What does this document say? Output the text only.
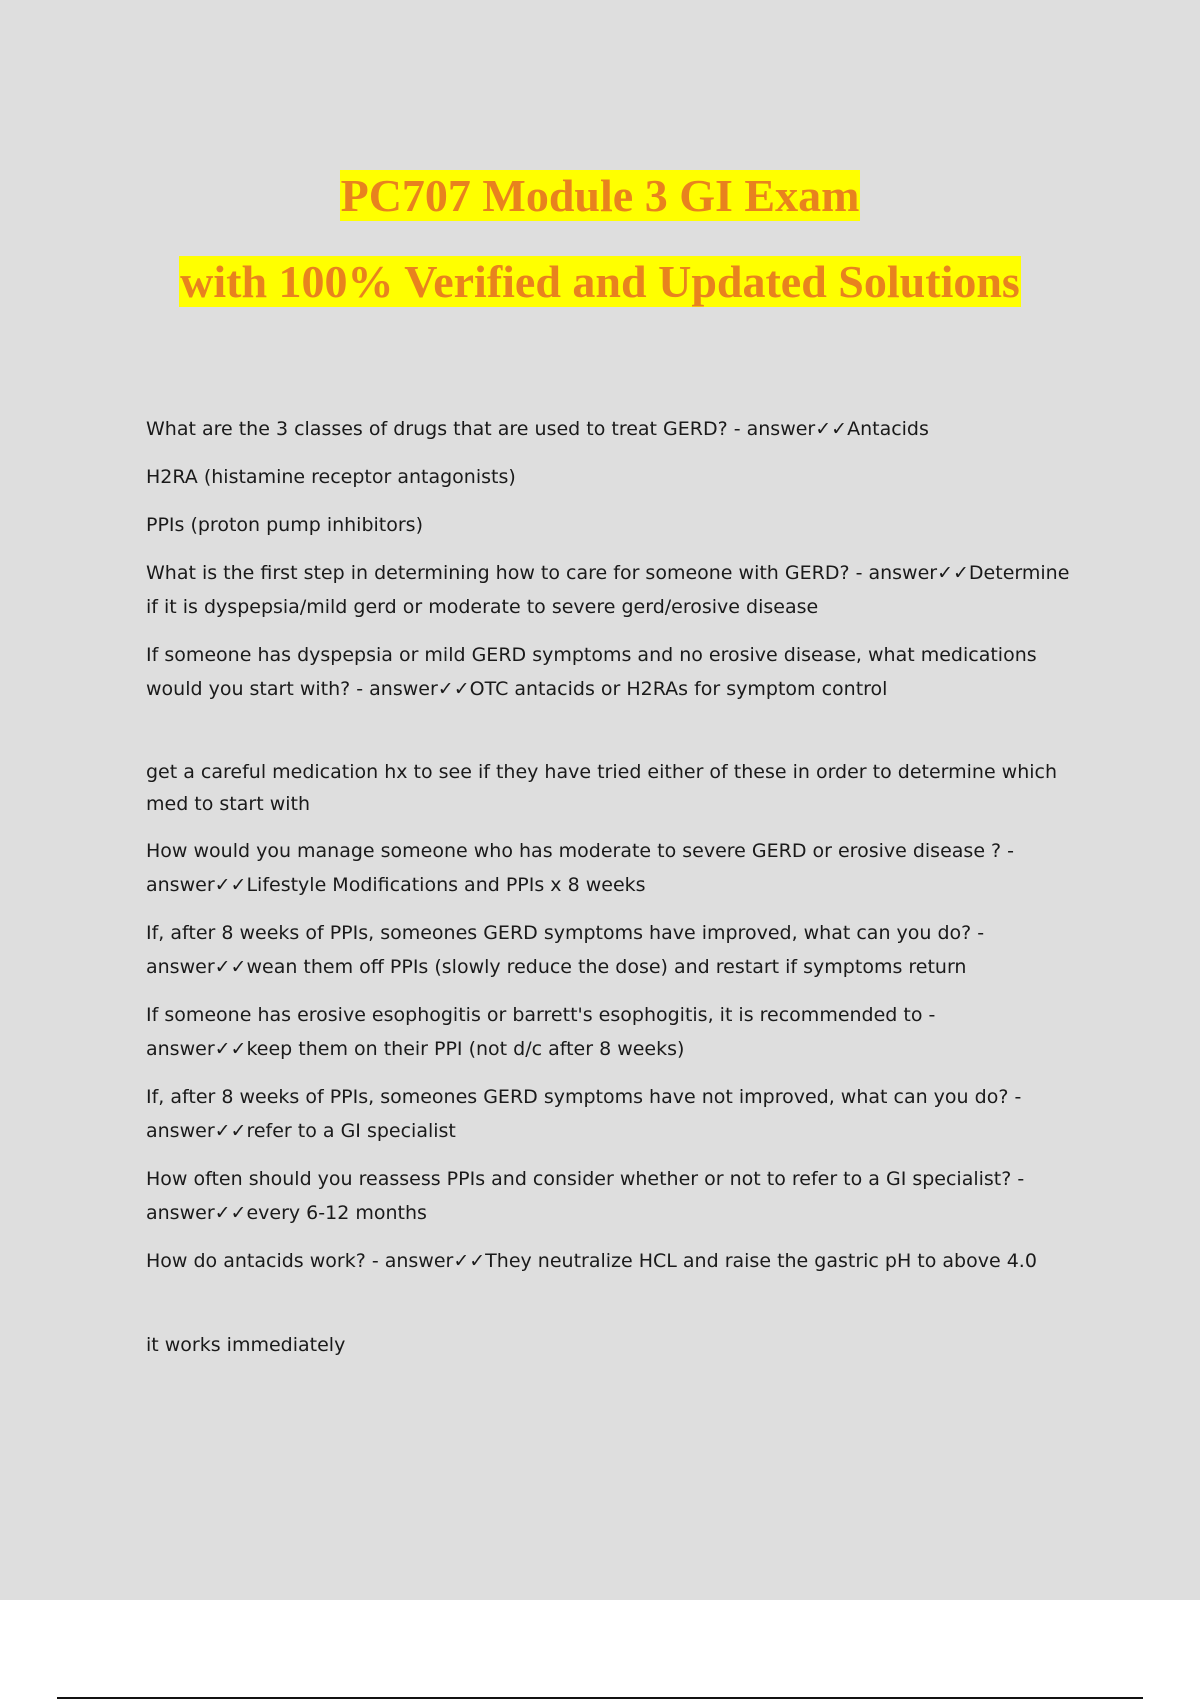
PC707 Module 3 GI Exam
with 100% Verified and Updated Solutions

What are the 3 classes of drugs that are used to treat GERD? - answer✓✓Antacids

H2RA (histamine receptor antagonists)

PPIs (proton pump inhibitors)

What is the first step in determining how to care for someone with GERD? - answer✓✓Determine if it is dyspepsia/mild gerd or moderate to severe gerd/erosive disease

If someone has dyspepsia or mild GERD symptoms and no erosive disease, what medications would you start with? - answer✓✓OTC antacids or H2RAs for symptom control

get a careful medication hx to see if they have tried either of these in order to determine which med to start with

How would you manage someone who has moderate to severe GERD or erosive disease ? - answer✓✓Lifestyle Modifications and PPIs x 8 weeks

If, after 8 weeks of PPIs, someones GERD symptoms have improved, what can you do? - answer✓✓wean them off PPIs (slowly reduce the dose) and restart if symptoms return

If someone has erosive esophogitis or barrett's esophogitis, it is recommended to - answer✓✓keep them on their PPI (not d/c after 8 weeks)

If, after 8 weeks of PPIs, someones GERD symptoms have not improved, what can you do? - answer✓✓refer to a GI specialist

How often should you reassess PPIs and consider whether or not to refer to a GI specialist? - answer✓✓every 6-12 months

How do antacids work? - answer✓✓They neutralize HCL and raise the gastric pH to above 4.0

it works immediately
